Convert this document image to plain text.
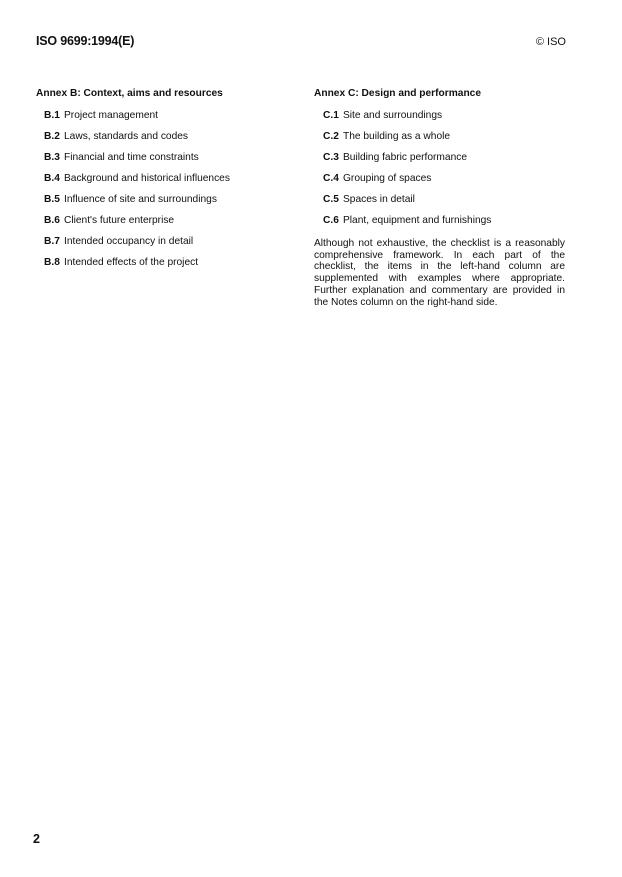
ISO 9699:1994(E)	© ISO
Annex B: Context, aims and resources
B.1 Project management
B.2 Laws, standards and codes
B.3 Financial and time constraints
B.4 Background and historical influences
B.5 Influence of site and surroundings
B.6 Client's future enterprise
B.7 Intended occupancy in detail
B.8 Intended effects of the project
Annex C: Design and performance
C.1 Site and surroundings
C.2 The building as a whole
C.3 Building fabric performance
C.4 Grouping of spaces
C.5 Spaces in detail
C.6 Plant, equipment and furnishings

Although not exhaustive, the checklist is a reasonably comprehensive framework. In each part of the checklist, the items in the left-hand column are supplemented with examples where appropriate. Further explanation and commentary are provided in the Notes column on the right-hand side.

2
